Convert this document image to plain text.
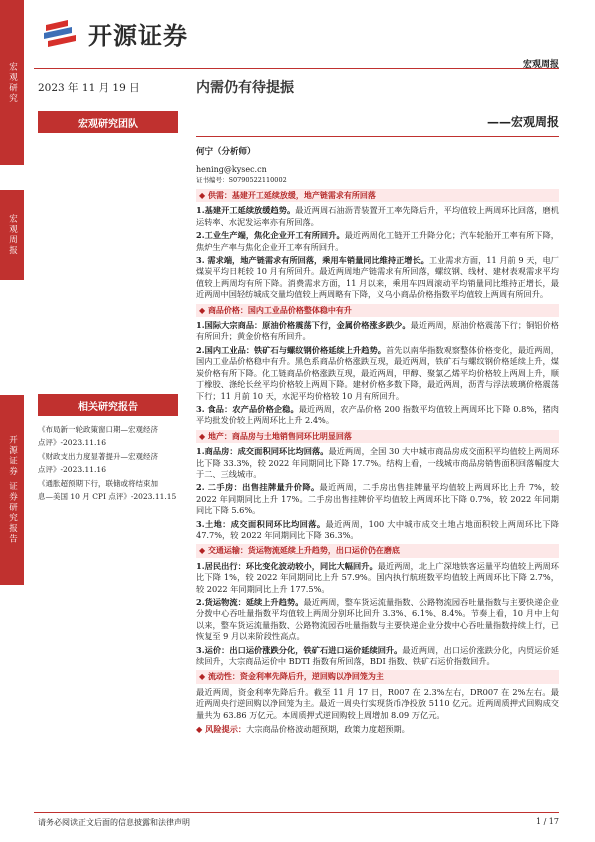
宏观研究
宏观周报
开源证券 证券研究报告
开源证券
宏观周报
2023 年 11 月 19 日	内需仍有待提振
宏观研究团队	——宏观周报
何宁（分析师）
hening@kysec.cn
证书编号：S0790522110002
相关研究报告
《布局新一轮政策窗口期—宏观经济
点评》-2023.11.16
《财政支出力度显著提升—宏观经济
点评》-2023.11.16
《通胀超预期下行，联储或将结束加
息—美国 10 月 CPI 点评》-2023.11.15
◆ 供需：基建开工延续放缓，地产链需求有所回落
1.基建开工延续放缓趋势。最近两周石油沥青装置开工率先降后升，平均值较上两周环比回落，磨机运转率、水泥发运率亦有所回落。
2.工业生产端，焦化企业开工有所回升。最近两周化工链开工升降分化；汽车轮胎开工率有所下降，焦炉生产率与焦化企业开工率有所回升。
3. 需求端，地产链需求有所回落，乘用车销量同比维持正增长。工业需求方面，11 月前 9 天，电厂煤炭平均日耗较 10 月有所回升。最近两周地产链需求有所回落，螺纹钢、线材、建材表观需求平均值较上两周均有所下降。消费需求方面，11 月以来，乘用车四周滚动平均销量同比维持正增长，最近两周中国轻纺城成交量均值较上两周略有下降，义乌小商品价格指数平均值较上两周有所回升。
◆ 商品价格：国内工业品价格整体稳中有升
1.国际大宗商品：原油价格震荡下行，金属价格涨多跌少。最近两周，原油价格震荡下行；铜铝价格有所回升；黄金价格有所回升。
2.国内工业品：铁矿石与螺纹钢价格延续上升趋势。首先以南华指数观察整体价格变化，最近两周，国内工业品价格稳中有升。黑色系商品价格涨跌互现，最近两周，铁矿石与螺纹钢价格延续上升，煤炭价格有所下降。化工链商品价格涨跌互现，最近两周，甲醇、聚氯乙烯平均价格较上两周上升，顺丁橡胶、涤纶长丝平均价格较上两周下降。建材价格多数下降，最近两周，沥青与浮法玻璃价格震荡下行；11 月前 10 天，水泥平均价格较 10 月有所回升。
3. 食品：农产品价格企稳。最近两周，农产品价格 200 指数平均值较上两周环比下降 0.8%，猪肉平均批发价较上两周环比上升 2.4%。
◆ 地产：商品房与土地销售同环比明显回落
1.商品房：成交面积同环比均回落。最近两周，全国 30 大中城市商品房成交面积平均值较上两周环比下降 33.3%，较 2022 年同期同比下降 17.7%。结构上看，一线城市商品房销售面积回落幅度大于二、三线城市。
2. 二手房：出售挂牌量升价降。最近两周，二手房出售挂牌量平均值较上两周环比上升 7%，较 2022 年同期同比上升 17%。二手房出售挂牌价平均值较上两周环比下降 0.7%，较 2022 年同期同比下降 5.6%。
3.土地：成交面积同环比均回落。最近两周，100 大中城市成交土地占地面积较上两周环比下降 47.7%，较 2022 年同期同比下降 36.3%。
◆ 交通运输：货运物流延续上升趋势，出口运价仍在磨底
1.居民出行：环比变化波动较小，同比大幅回升。最近两周，北上广深地铁客运量平均值较上两周环比下降 1%，较 2022 年同期同比上升 57.9%。国内执行航班数平均值较上两周环比下降 2.7%，较 2022 年同期同比上升 177.5%。
2.货运物流：延续上升趋势。最近两周，整车货运流量指数、公路物流园吞吐量指数与主要快递企业分拨中心吞吐量指数平均值较上两周分别环比回升 3.3%、6.1%、8.4%。节奏上看，10 月中上旬以来，整车货运流量指数、公路物流园吞吐量指数与主要快递企业分拨中心吞吐量指数持续上行，已恢复至 9 月以来阶段性高点。
3.运价：出口运价涨跌分化，铁矿石进口运价延续回升。最近两周，出口运价涨跌分化，内贸运价延续回升，大宗商品运价中 BDTI 指数有所回落，BDI 指数、铁矿石运价指数回升。
◆ 流动性：资金利率先降后升，逆回购以净回笼为主
最近两周，资金利率先降后升。截至 11 月 17 日，R007 在 2.3%左右，DR007 在 2%左右。最近两周央行逆回购以净回笼为主。最近一周央行实现货币净投放 5110 亿元。近两周质押式回购成交量共为 63.86 万亿元。本周质押式逆回购较上周增加 8.09 万亿元。
◆ 风险提示：大宗商品价格波动超预期，政策力度超预期。
请务必阅读正文后面的信息披露和法律声明	1 / 17
